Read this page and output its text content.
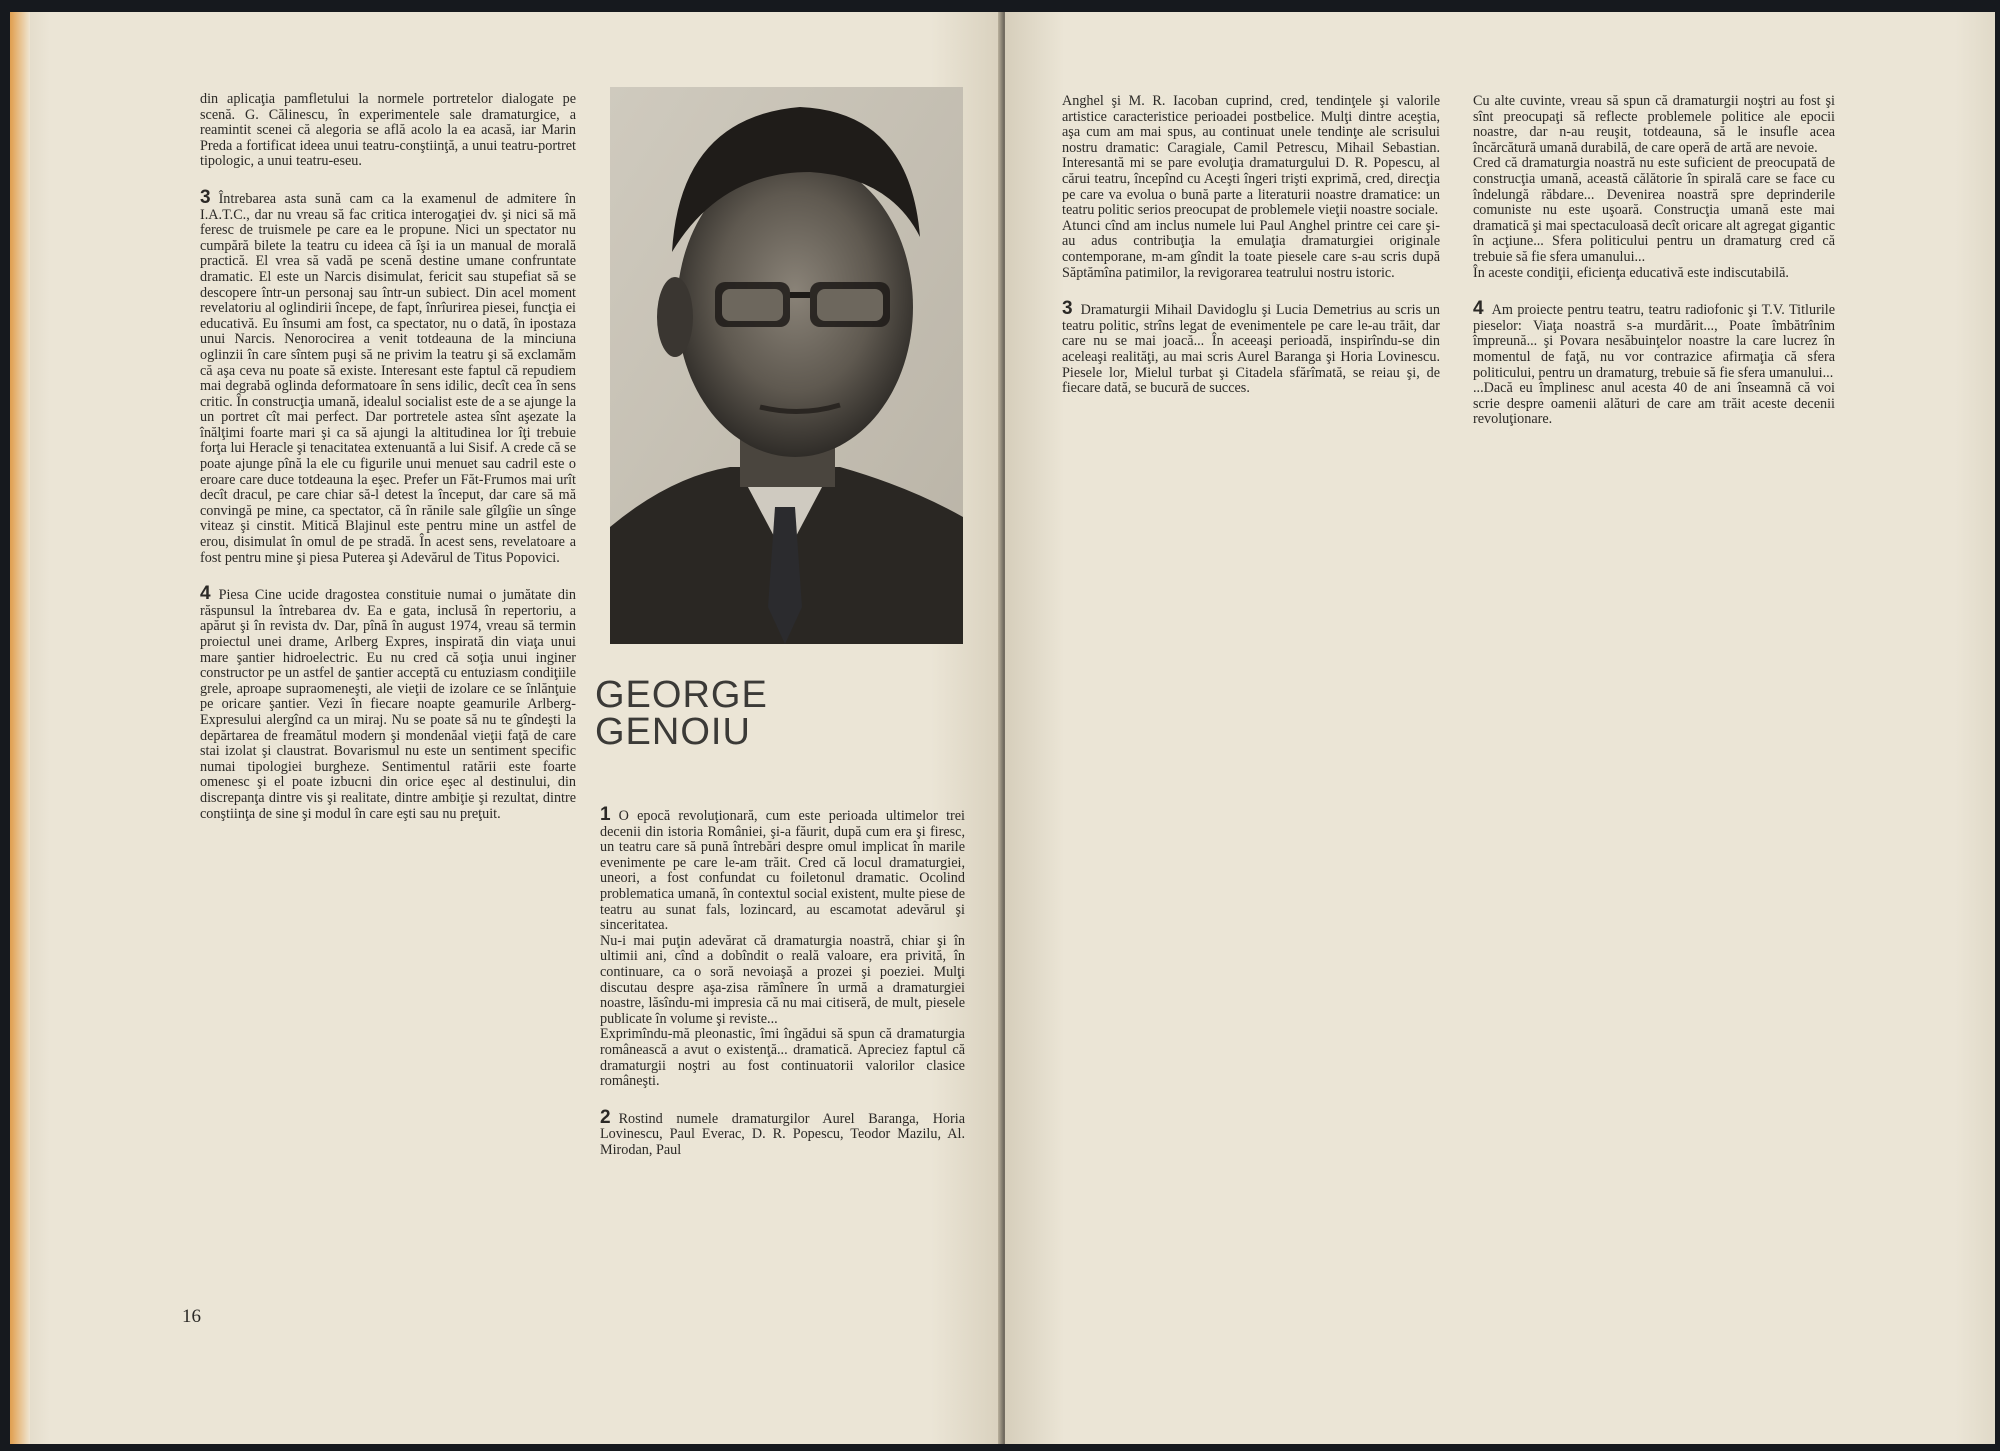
din aplicaţia pamfletului la normele portretelor dialogate pe scenă. G. Călinescu, în experimentele sale dramaturgice, a reamintit scenei că alegoria se află acolo la ea acasă, iar Marin Preda a fortificat ideea unui teatru-conştiinţă, a unui teatru-portret tipologic, a unui teatru-eseu.

3 Întrebarea asta sună cam ca la examenul de admitere în I.A.T.C., dar nu vreau să fac critica interogaţiei dv. şi nici să mă feresc de truismele pe care ea le propune. Nici un spectator nu cumpără bilete la teatru cu ideea că îşi ia un manual de morală practică. El vrea să vadă pe scenă destine umane confruntate dramatic. El este un Narcis disimulat, fericit sau stupefiat să se descopere într-un personaj sau într-un subiect. Din acel moment revelatoriu al oglindirii începe, de fapt, înrîurirea piesei, funcţia ei educativă. Eu însumi am fost, ca spectator, nu o dată, în ipostaza unui Narcis. Nenorocirea a venit totdeauna de la minciuna oglinzii în care sîntem puşi să ne privim la teatru şi să exclamăm că aşa ceva nu poate să existe. Interesant este faptul că repudiem mai degrabă oglinda deformatoare în sens idilic, decît cea în sens critic. În construcţia umană, idealul socialist este de a se ajunge la un portret cît mai perfect. Dar portretele astea sînt aşezate la înălţimi foarte mari şi ca să ajungi la altitudinea lor îţi trebuie forţa lui Heracle şi tenacitatea extenuantă a lui Sisif. A crede că se poate ajunge pînă la ele cu figurile unui menuet sau cadril este o eroare care duce totdeauna la eşec. Prefer un Făt-Frumos mai urît decît dracul, pe care chiar să-l detest la început, dar care să mă convingă pe mine, ca spectator, că în rănile sale gîlgîie un sînge viteaz şi cinstit. Mitică Blajinul este pentru mine un astfel de erou, disimulat în omul de pe stradă. În acest sens, revelatoare a fost pentru mine şi piesa Puterea şi Adevărul de Titus Popovici.

4 Piesa Cine ucide dragostea constituie numai o jumătate din răspunsul la întrebarea dv. Ea e gata, inclusă în repertoriu, a apărut şi în revista dv. Dar, pînă în august 1974, vreau să termin proiectul unei drame, Arlberg Expres, inspirată din viaţa unui mare şantier hidroelectric. Eu nu cred că soţia unui inginer constructor pe un astfel de şantier acceptă cu entuziasm condiţiile grele, aproape supraomeneşti, ale vieţii de izolare ce se înlănţuie pe oricare şantier. Vezi în fiecare noapte geamurile Arlberg-Expresului alergînd ca un miraj. Nu se poate să nu te gîndeşti la depărtarea de freamătul modern şi mondenăal vieţii faţă de care stai izolat şi claustrat. Bovarismul nu este un sentiment specific numai tipologiei burgheze. Sentimentul ratării este foarte omenesc şi el poate izbucni din orice eşec al destinului, din discrepanţa dintre vis şi realitate, dintre ambiţie şi rezultat, dintre conştiinţa de sine şi modul în care eşti sau nu preţuit.

GEORGE
GENOIU

1 O epocă revoluţionară, cum este perioada ultimelor trei decenii din istoria României, şi-a făurit, după cum era şi firesc, un teatru care să pună întrebări despre omul implicat în marile evenimente pe care le-am trăit. Cred că locul dramaturgiei, uneori, a fost confundat cu foiletonul dramatic. Ocolind problematica umană, în contextul social existent, multe piese de teatru au sunat fals, lozincard, au escamotat adevărul şi sinceritatea.

Nu-i mai puţin adevărat că dramaturgia noastră, chiar şi în ultimii ani, cînd a dobîndit o reală valoare, era privită, în continuare, ca o soră nevoiaşă a prozei şi poeziei. Mulţi discutau despre aşa-zisa rămînere în urmă a dramaturgiei noastre, lăsîndu-mi impresia că nu mai citiseră, de mult, piesele publicate în volume şi reviste...

Exprimîndu-mă pleonastic, îmi îngădui să spun că dramaturgia românească a avut o existenţă... dramatică. Apreciez faptul că dramaturgii noştri au fost continuatorii valorilor clasice româneşti.

2 Rostind numele dramaturgilor Aurel Baranga, Horia Lovinescu, Paul Everac, D. R. Popescu, Teodor Mazilu, Al. Mirodan, Paul

16

Anghel şi M. R. Iacoban cuprind, cred, tendinţele şi valorile artistice caracteristice perioadei postbelice. Mulţi dintre aceştia, aşa cum am mai spus, au continuat unele tendinţe ale scrisului nostru dramatic: Caragiale, Camil Petrescu, Mihail Sebastian. Interesantă mi se pare evoluţia dramaturgului D. R. Popescu, al cărui teatru, începînd cu Aceşti îngeri trişti exprimă, cred, direcţia pe care va evolua o bună parte a literaturii noastre dramatice: un teatru politic serios preocupat de problemele vieţii noastre sociale.

Atunci cînd am inclus numele lui Paul Anghel printre cei care şi-au adus contribuţia la emulaţia dramaturgiei originale contemporane, m-am gîndit la toate piesele care s-au scris după Săptămîna patimilor, la revigorarea teatrului nostru istoric.

3 Dramaturgii Mihail Davidoglu şi Lucia Demetrius au scris un teatru politic, strîns legat de evenimentele pe care le-au trăit, dar care nu se mai joacă... În aceeaşi perioadă, inspirîndu-se din aceleaşi realităţi, au mai scris Aurel Baranga şi Horia Lovinescu. Piesele lor, Mielul turbat şi Citadela sfărîmată, se reiau şi, de fiecare dată, se bucură de succes.

Cu alte cuvinte, vreau să spun că dramaturgii noştri au fost şi sînt preocupaţi să reflecte problemele politice ale epocii noastre, dar n-au reuşit, totdeauna, să le insufle acea încărcătură umană durabilă, de care operă de artă are nevoie.

Cred că dramaturgia noastră nu este suficient de preocupată de construcţia umană, această călătorie în spirală care se face cu îndelungă răbdare... Devenirea noastră spre deprinderile comuniste nu este uşoară. Construcţia umană este mai dramatică şi mai spectaculoasă decît oricare alt agregat gigantic în acţiune... Sfera politicului pentru un dramaturg cred că trebuie să fie sfera umanului...

În aceste condiţii, eficienţa educativă este indiscutabilă.

4 Am proiecte pentru teatru, teatru radiofonic şi T.V. Titlurile pieselor: Viaţa noastră s-a murdărit..., Poate îmbătrînim împreună... şi Povara nesăbuinţelor noastre la care lucrez în momentul de faţă, nu vor contrazice afirmaţia că sfera politicului, pentru un dramaturg, trebuie să fie sfera umanului...

...Dacă eu împlinesc anul acesta 40 de ani înseamnă că voi scrie despre oamenii alături de care am trăit aceste decenii revoluţionare.
